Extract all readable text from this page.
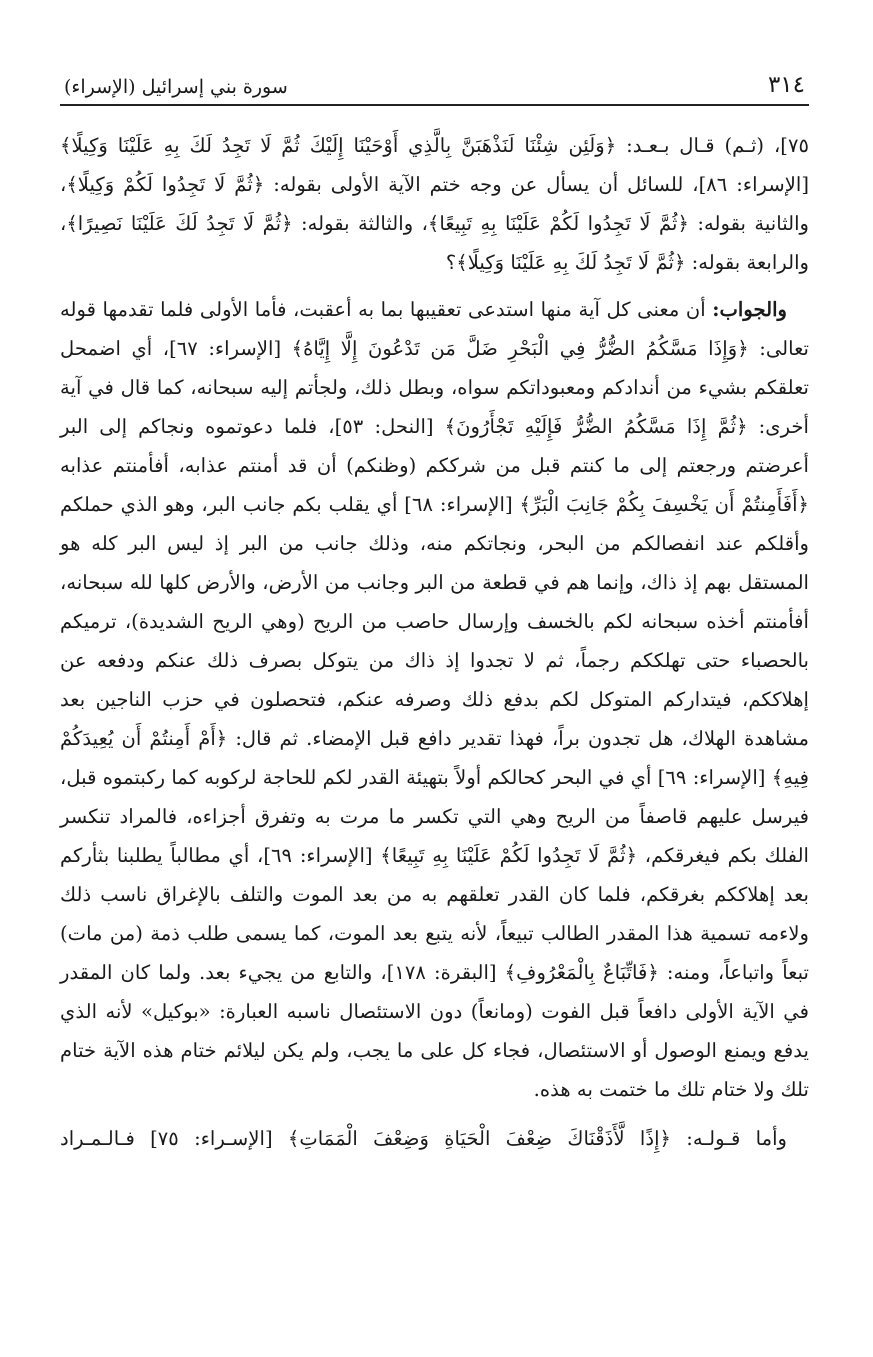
٣١٤
سورة بني إسرائيل (الإسراء)

٧٥]، (ثـم) قـال بـعـد: ﴿وَلَئِن شِئْنَا لَنَذْهَبَنَّ بِالَّذِي أَوْحَيْنَا إِلَيْكَ ثُمَّ لَا تَجِدُ لَكَ بِهِ عَلَيْنَا وَكِيلًا﴾ [الإسراء: ٨٦]، للسائل أن يسأل عن وجه ختم الآية الأولى بقوله: ﴿ثُمَّ لَا تَجِدُوا لَكُمْ وَكِيلًا﴾، والثانية بقوله: ﴿ثُمَّ لَا تَجِدُوا لَكُمْ عَلَيْنَا بِهِ تَبِيعًا﴾، والثالثة بقوله: ﴿ثُمَّ لَا تَجِدُ لَكَ عَلَيْنَا نَصِيرًا﴾، والرابعة بقوله: ﴿ثُمَّ لَا تَجِدُ لَكَ بِهِ عَلَيْنَا وَكِيلًا﴾؟

والجواب: أن معنى كل آية منها استدعى تعقيبها بما به أعقبت، فأما الأولى فلما تقدمها قوله تعالى: ﴿وَإِذَا مَسَّكُمُ الضُّرُّ فِي الْبَحْرِ ضَلَّ مَن تَدْعُونَ إِلَّا إِيَّاهُ﴾ [الإسراء: ٦٧]، أي اضمحل تعلقكم بشيء من أندادكم ومعبوداتكم سواه، وبطل ذلك، ولجأتم إليه سبحانه، كما قال في آية أخرى: ﴿ثُمَّ إِذَا مَسَّكُمُ الضُّرُّ فَإِلَيْهِ تَجْأَرُونَ﴾ [النحل: ٥٣]، فلما دعوتموه ونجاكم إلى البر أعرضتم ورجعتم إلى ما كنتم قبل من شرككم (وظنكم) أن قد أمنتم عذابه، أفأمنتم عذابه ﴿أَفَأَمِنتُمْ أَن يَخْسِفَ بِكُمْ جَانِبَ الْبَرِّ﴾ [الإسراء: ٦٨] أي يقلب بكم جانب البر، وهو الذي حملكم وأقلكم عند انفصالكم من البحر، ونجاتكم منه، وذلك جانب من البر إذ ليس البر كله هو المستقل بهم إذ ذاك، وإنما هم في قطعة من البر وجانب من الأرض، والأرض كلها لله سبحانه، أفأمنتم أخذه سبحانه لكم بالخسف وإرسال حاصب من الريح (وهي الريح الشديدة)، ترميكم بالحصباء حتى تهلككم رجماً، ثم لا تجدوا إذ ذاك من يتوكل بصرف ذلك عنكم ودفعه عن إهلاككم، فيتداركم المتوكل لكم بدفع ذلك وصرفه عنكم، فتحصلون في حزب الناجين بعد مشاهدة الهلاك، هل تجدون براً، فهذا تقدير دافع قبل الإمضاء. ثم قال: ﴿أَمْ أَمِنتُمْ أَن يُعِيدَكُمْ فِيهِ﴾ [الإسراء: ٦٩] أي في البحر كحالكم أولاً بتهيئة القدر لكم للحاجة لركوبه كما ركبتموه قبل، فيرسل عليهم قاصفاً من الريح وهي التي تكسر ما مرت به وتفرق أجزاءه، فالمراد تنكسر الفلك بكم فيغرقكم، ﴿ثُمَّ لَا تَجِدُوا لَكُمْ عَلَيْنَا بِهِ تَبِيعًا﴾ [الإسراء: ٦٩]، أي مطالباً يطلبنا بثأركم بعد إهلاككم بغرقكم، فلما كان القدر تعلقهم به من بعد الموت والتلف بالإغراق ناسب ذلك ولاءمه تسمية هذا المقدر الطالب تبيعاً، لأنه يتبع بعد الموت، كما يسمى طلب ذمة (من مات) تبعاً واتباعاً، ومنه: ﴿فَاتِّبَاعٌ بِالْمَعْرُوفِ﴾ [البقرة: ١٧٨]، والتابع من يجيء بعد. ولما كان المقدر في الآية الأولى دافعاً قبل الفوت (ومانعاً) دون الاستئصال ناسبه العبارة: «بوكيل» لأنه الذي يدفع ويمنع الوصول أو الاستئصال، فجاء كل على ما يجب، ولم يكن ليلائم ختام هذه الآية ختام تلك ولا ختام تلك ما ختمت به هذه.

وأما قـولـه: ﴿إِذًا لَّأَذَقْنَاكَ ضِعْفَ الْحَيَاةِ وَضِعْفَ الْمَمَاتِ﴾ [الإسـراء: ٧٥] فـالـمـراد
